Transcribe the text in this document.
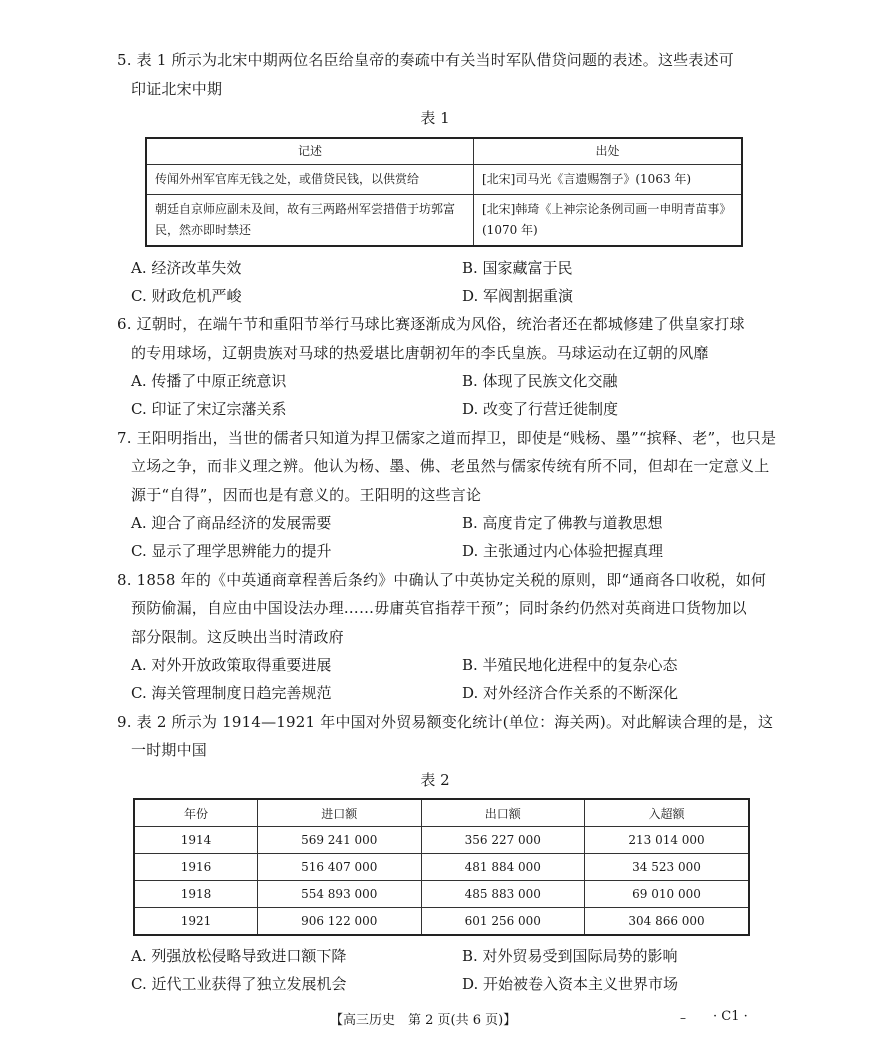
5. 表 1 所示为北宋中期两位名臣给皇帝的奏疏中有关当时军队借贷问题的表述。这些表述可
印证北宋中期
表 1
记述	出处
传闻外州军官库无钱之处，或借贷民钱，以供赏给	[北宋]司马光《言遗赐劄子》(1063 年)
朝廷自京师应副未及间，故有三两路州军尝措借于坊郭富民，然亦即时禁还	[北宋]韩琦《上神宗论条例司画一申明青苗事》(1070 年)
A. 经济改革失效	B. 国家藏富于民
C. 财政危机严峻	D. 军阀割据重演
6. 辽朝时，在端午节和重阳节举行马球比赛逐渐成为风俗，统治者还在都城修建了供皇家打球
的专用球场，辽朝贵族对马球的热爱堪比唐朝初年的李氏皇族。马球运动在辽朝的风靡
A. 传播了中原正统意识	B. 体现了民族文化交融
C. 印证了宋辽宗藩关系	D. 改变了行营迁徙制度
7. 王阳明指出，当世的儒者只知道为捍卫儒家之道而捍卫，即使是“贱杨、墨”“摈释、老”，也只是
立场之争，而非义理之辨。他认为杨、墨、佛、老虽然与儒家传统有所不同，但却在一定意义上
源于“自得”，因而也是有意义的。王阳明的这些言论
A. 迎合了商品经济的发展需要	B. 高度肯定了佛教与道教思想
C. 显示了理学思辨能力的提升	D. 主张通过内心体验把握真理
8. 1858 年的《中英通商章程善后条约》中确认了中英协定关税的原则，即“通商各口收税，如何
预防偷漏，自应由中国设法办理……毋庸英官指荐干预”；同时条约仍然对英商进口货物加以
部分限制。这反映出当时清政府
A. 对外开放政策取得重要进展	B. 半殖民地化进程中的复杂心态
C. 海关管理制度日趋完善规范	D. 对外经济合作关系的不断深化
9. 表 2 所示为 1914—1921 年中国对外贸易额变化统计(单位：海关两)。对此解读合理的是，这
一时期中国
表 2
年份	进口额	出口额	入超额
1914	569 241 000	356 227 000	213 014 000
1916	516 407 000	481 884 000	34 523 000
1918	554 893 000	485 883 000	69 010 000
1921	906 122 000	601 256 000	304 866 000
A. 列强放松侵略导致进口额下降	B. 对外贸易受到国际局势的影响
C. 近代工业获得了独立发展机会	D. 开始被卷入资本主义世界市场
【高三历史　第 2 页(共 6 页)】	– · C1 ·
